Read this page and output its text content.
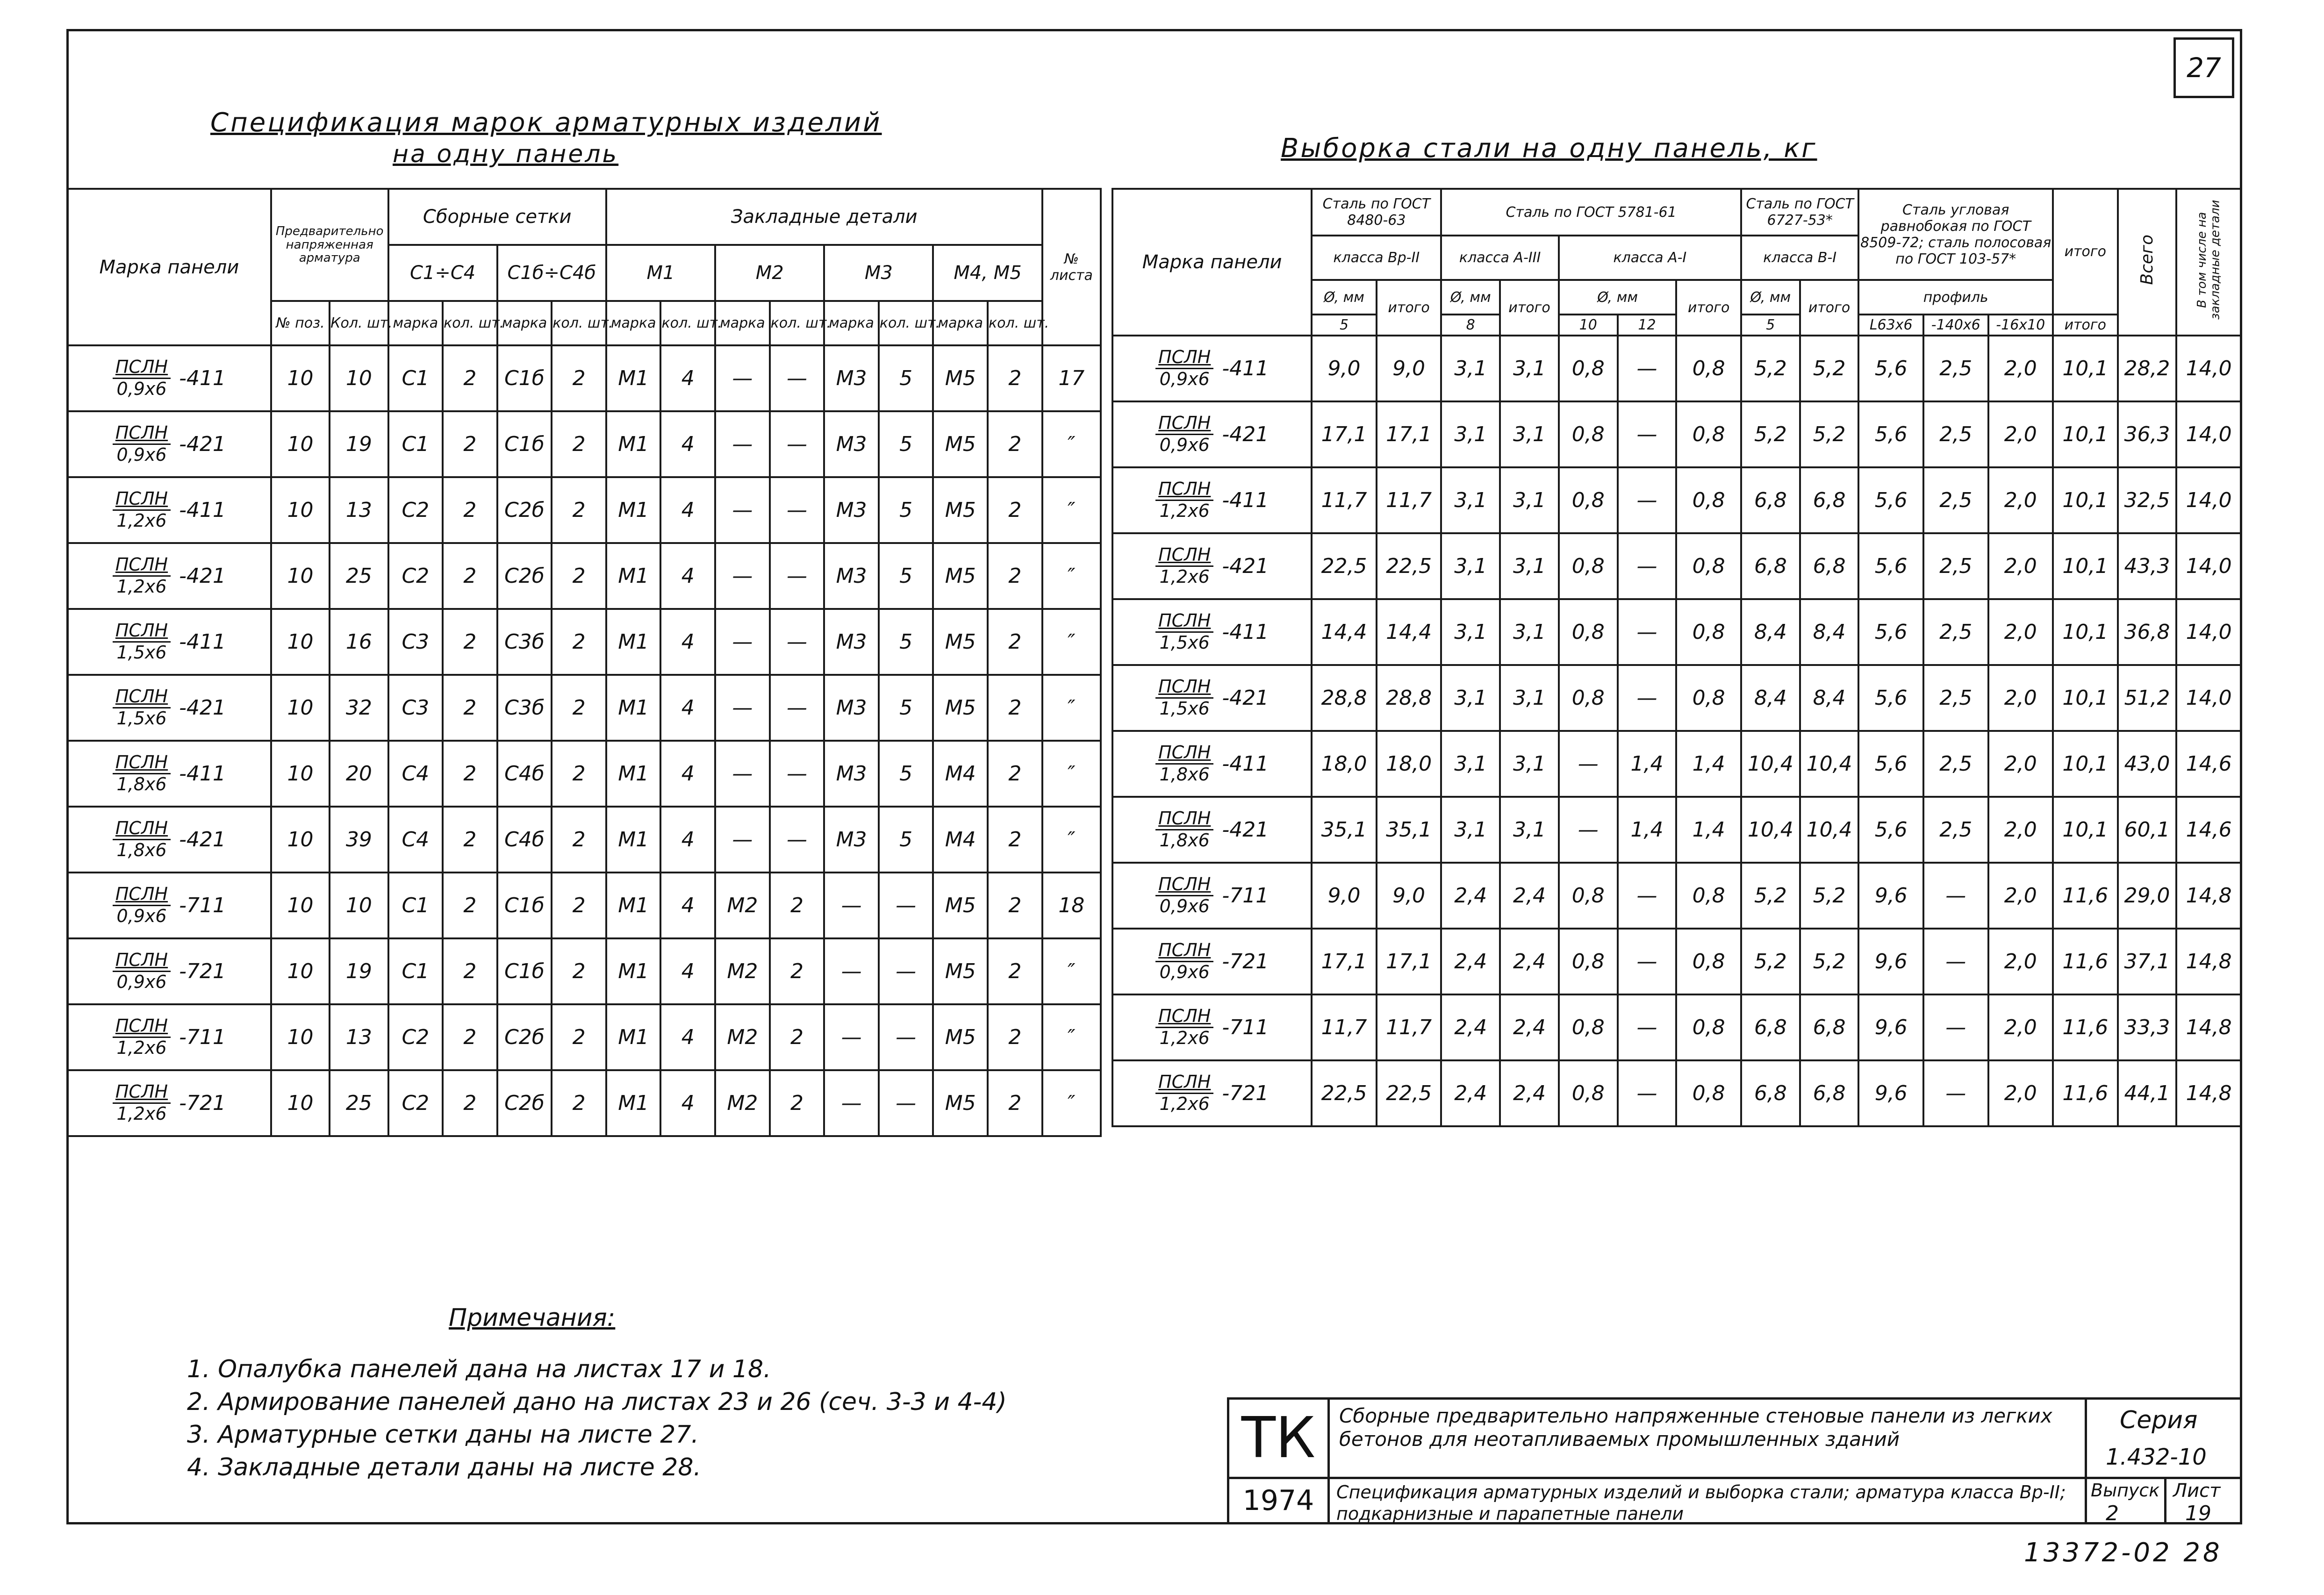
27
Спецификация марок арматурных изделий
на одну панель	Выборка стали на одну панель, кг
Марка панели	Предварительно напряженная арматура		Сборные сетки				Закладные детали								№ листа

			С1÷С4		С1б÷С4б		М1		М2		М3		М4, М5		
	№ поз.	Кол. шт.	марка	кол. шт.	марка	кол. шт.	марка	кол. шт.	марка	кол. шт.	марка	кол. шт.	марка	кол. шт.	

$\frac{\text{ПСЛН}}{0,9х6} -411$	10	10	С1	2	С1б	2	М1	4	—	—	М3	5	М5	2	17

$\frac{\text{ПСЛН}}{0,9х6} -421$	10	19	С1	2	С1б	2	М1	4	—	—	М3	5	М5	2	″

$\frac{\text{ПСЛН}}{1,2х6} -411$	10	13	С2	2	С2б	2	М1	4	—	—	М3	5	М5	2	″

$\frac{\text{ПСЛН}}{1,2х6} -421$	10	25	С2	2	С2б	2	М1	4	—	—	М3	5	М5	2	″

$\frac{\text{ПСЛН}}{1,5х6} -411$	10	16	С3	2	С3б	2	М1	4	—	—	М3	5	М5	2	″

$\frac{\text{ПСЛН}}{1,5х6} -421$	10	32	С3	2	С3б	2	М1	4	—	—	М3	5	М5	2	″

$\frac{\text{ПСЛН}}{1,8х6} -411$	10	20	С4	2	С4б	2	М1	4	—	—	М3	5	М4	2	″

$\frac{\text{ПСЛН}}{1,8х6} -421$	10	39	С4	2	С4б	2	М1	4	—	—	М3	5	М4	2	″

$\frac{\text{ПСЛН}}{0,9х6} -711$	10	10	С1	2	С1б	2	М1	4	М2	2	—	—	М5	2	18

$\frac{\text{ПСЛН}}{0,9х6} -721$	10	19	С1	2	С1б	2	М1	4	М2	2	—	—	М5	2	″

$\frac{\text{ПСЛН}}{1,2х6} -711$	10	13	С2	2	С2б	2	М1	4	М2	2	—	—	М5	2	″

$\frac{\text{ПСЛН}}{1,2х6} -721$	10	25	С2	2	С2б	2	М1	4	М2	2	—	—	М5	2	″
Марка панели	Сталь по ГОСТ 8480-63		Сталь по ГОСТ 5781-61					Сталь по ГОСТ 6727-53*		Сталь угловая равнобокая по ГОСТ 8509-72; сталь полосовая по ГОСТ 103-57*			итого	Всего	В том числе на закладные детали
	класса Вр-II		класса А-III		класса А-I			класса В-I							
	Ø, мм	итого	Ø, мм	итого	Ø, мм		итого	Ø, мм	итого	профиль					
	5		8		10	12		5		L63х6	-140х6	-16х10	итого		

$\frac{\text{ПСЛН}}{0,9х6} -411$	9,0	9,0	3,1	3,1	0,8	—	0,8	5,2	5,2	5,6	2,5	2,0	10,1	28,2	14,0

$\frac{\text{ПСЛН}}{0,9х6} -421$	17,1	17,1	3,1	3,1	0,8	—	0,8	5,2	5,2	5,6	2,5	2,0	10,1	36,3	14,0

$\frac{\text{ПСЛН}}{1,2х6} -411$	11,7	11,7	3,1	3,1	0,8	—	0,8	6,8	6,8	5,6	2,5	2,0	10,1	32,5	14,0

$\frac{\text{ПСЛН}}{1,2х6} -421$	22,5	22,5	3,1	3,1	0,8	—	0,8	6,8	6,8	5,6	2,5	2,0	10,1	43,3	14,0

$\frac{\text{ПСЛН}}{1,5х6} -411$	14,4	14,4	3,1	3,1	0,8	—	0,8	8,4	8,4	5,6	2,5	2,0	10,1	36,8	14,0

$\frac{\text{ПСЛН}}{1,5х6} -421$	28,8	28,8	3,1	3,1	0,8	—	0,8	8,4	8,4	5,6	2,5	2,0	10,1	51,2	14,0

$\frac{\text{ПСЛН}}{1,8х6} -411$	18,0	18,0	3,1	3,1	—	1,4	1,4	10,4	10,4	5,6	2,5	2,0	10,1	43,0	14,6

$\frac{\text{ПСЛН}}{1,8х6} -421$	35,1	35,1	3,1	3,1	—	1,4	1,4	10,4	10,4	5,6	2,5	2,0	10,1	60,1	14,6

$\frac{\text{ПСЛН}}{0,9х6} -711$	9,0	9,0	2,4	2,4	0,8	—	0,8	5,2	5,2	9,6	—	2,0	11,6	29,0	14,8

$\frac{\text{ПСЛН}}{0,9х6} -721$	17,1	17,1	2,4	2,4	0,8	—	0,8	5,2	5,2	9,6	—	2,0	11,6	37,1	14,8

$\frac{\text{ПСЛН}}{1,2х6} -711$	11,7	11,7	2,4	2,4	0,8	—	0,8	6,8	6,8	9,6	—	2,0	11,6	33,3	14,8

$\frac{\text{ПСЛН}}{1,2х6} -721$	22,5	22,5	2,4	2,4	0,8	—	0,8	6,8	6,8	9,6	—	2,0	11,6	44,1	14,8
Примечания:
1. Опалубка панелей дана на листах 17 и 18.
2. Армирование панелей дано на листах 23 и 26 (сеч. 3-3 и 4-4)
3. Арматурные сетки даны на листе 27.
4. Закладные детали даны на листе 28.	ТК
1974
Сборные предварительно напряженные стеновые панели из легких бетонов для неотапливаемых промышленных зданий
Спецификация арматурных изделий и выборка стали; арматура класса Вр-II; подкарнизные и парапетные панели
Серия
1.432-10
Выпуск
2
Лист
19
13372-02 28
